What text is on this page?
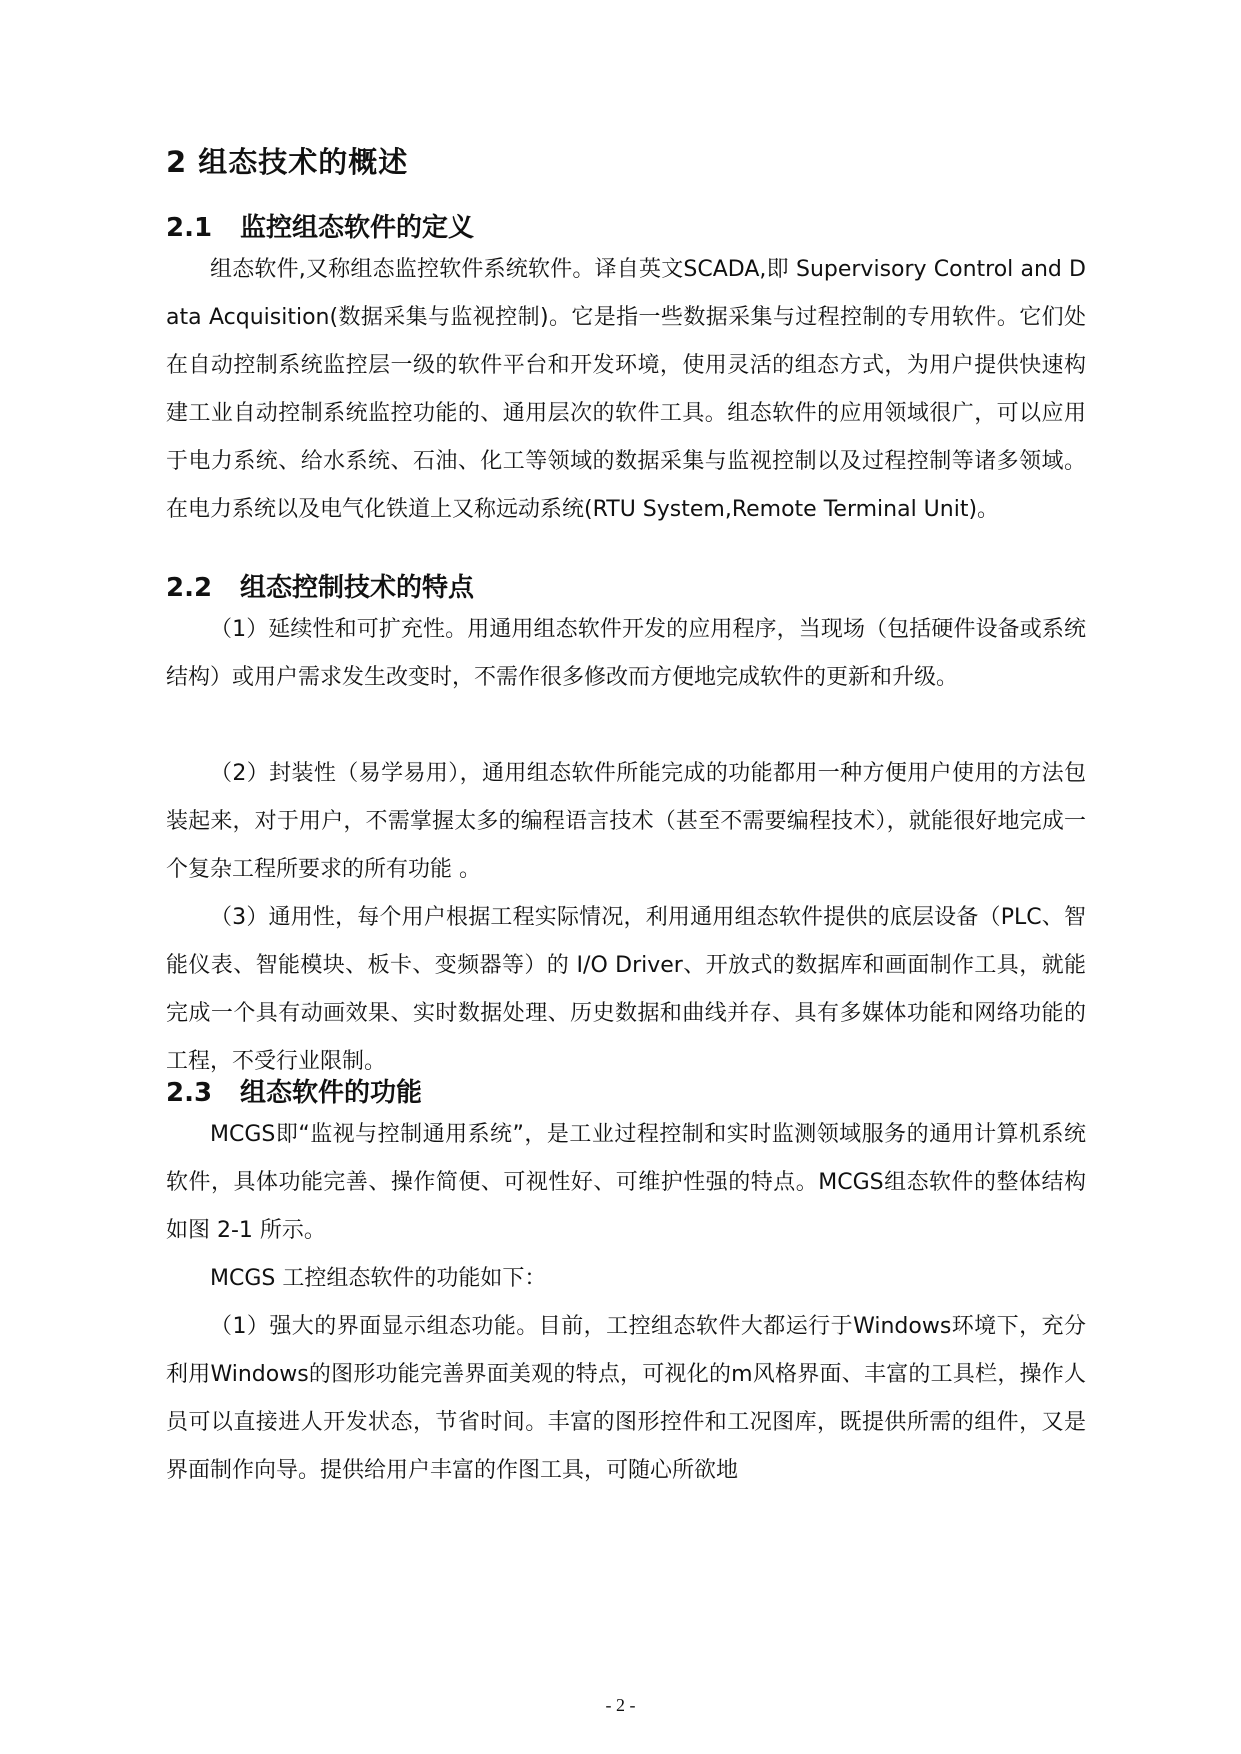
2 组态技术的概述
2.1 监控组态软件的定义

组态软件,又称组态监控软件系统软件。译自英文SCADA,即 Supervisory Control and Data Acquisition(数据采集与监视控制)。它是指一些数据采集与过程控制的专用软件。它们处在自动控制系统监控层一级的软件平台和开发环境，使用灵活的组态方式，为用户提供快速构建工业自动控制系统监控功能的、通用层次的软件工具。组态软件的应用领域很广，可以应用于电力系统、给水系统、石油、化工等领域的数据采集与监视控制以及过程控制等诸多领域。在电力系统以及电气化铁道上又称远动系统(RTU System,Remote Terminal Unit)。

2.2 组态控制技术的特点

（1）延续性和可扩充性。用通用组态软件开发的应用程序，当现场（包括硬件设备或系统结构）或用户需求发生改变时，不需作很多修改而方便地完成软件的更新和升级。

（2）封装性（易学易用），通用组态软件所能完成的功能都用一种方便用户使用的方法包装起来，对于用户，不需掌握太多的编程语言技术（甚至不需要编程技术），就能很好地完成一个复杂工程所要求的所有功能 。

（3）通用性，每个用户根据工程实际情况，利用通用组态软件提供的底层设备（PLC、智能仪表、智能模块、板卡、变频器等）的 I/O Driver、开放式的数据库和画面制作工具，就能完成一个具有动画效果、实时数据处理、历史数据和曲线并存、具有多媒体功能和网络功能的工程，不受行业限制。

2.3 组态软件的功能

MCGS即“监视与控制通用系统”，是工业过程控制和实时监测领域服务的通用计算机系统软件，具体功能完善、操作简便、可视性好、可维护性强的特点。MCGS组态软件的整体结构如图 2-1 所示。

MCGS 工控组态软件的功能如下：

（1）强大的界面显示组态功能。目前，工控组态软件大都运行于Windows环境下，充分利用Windows的图形功能完善界面美观的特点，可视化的m风格界面、丰富的工具栏，操作人员可以直接进人开发状态，节省时间。丰富的图形控件和工况图库，既提供所需的组件，又是界面制作向导。提供给用户丰富的作图工具，可随心所欲地

- 2 -
